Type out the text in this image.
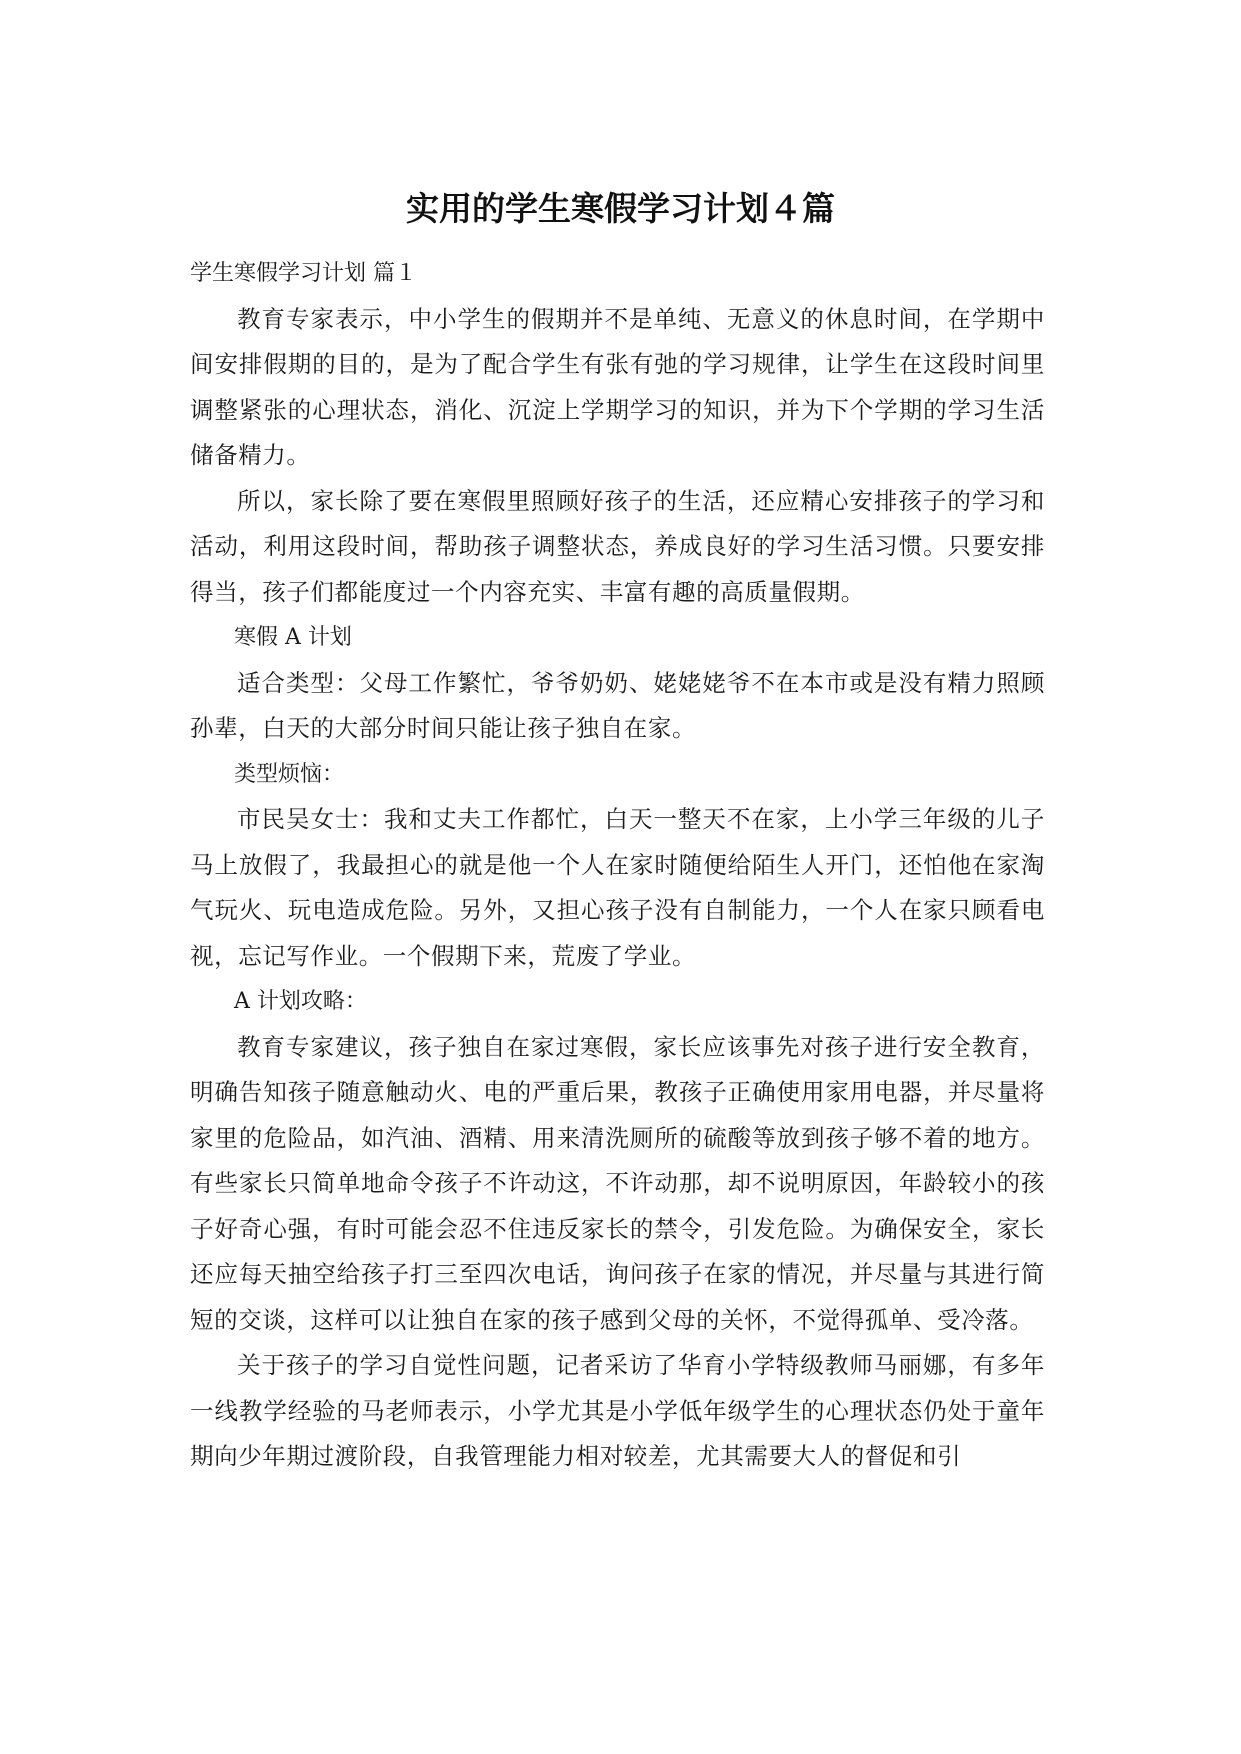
实用的学生寒假学习计划４篇

学生寒假学习计划 篇１

教育专家表示，中小学生的假期并不是单纯、无意义的休息时间，在学期中间安排假期的目的，是为了配合学生有张有弛的学习规律，让学生在这段时间里调整紧张的心理状态，消化、沉淀上学期学习的知识，并为下个学期的学习生活储备精力。

所以，家长除了要在寒假里照顾好孩子的生活，还应精心安排孩子的学习和活动，利用这段时间，帮助孩子调整状态，养成良好的学习生活习惯。只要安排得当，孩子们都能度过一个内容充实、丰富有趣的高质量假期。

寒假 A 计划

适合类型：父母工作繁忙，爷爷奶奶、姥姥姥爷不在本市或是没有精力照顾孙辈，白天的大部分时间只能让孩子独自在家。

类型烦恼：

市民吴女士：我和丈夫工作都忙，白天一整天不在家，上小学三年级的儿子马上放假了，我最担心的就是他一个人在家时随便给陌生人开门，还怕他在家淘气玩火、玩电造成危险。另外，又担心孩子没有自制能力，一个人在家只顾看电视，忘记写作业。一个假期下来，荒废了学业。

A 计划攻略：

教育专家建议，孩子独自在家过寒假，家长应该事先对孩子进行安全教育，明确告知孩子随意触动火、电的严重后果，教孩子正确使用家用电器，并尽量将家里的危险品，如汽油、酒精、用来清洗厕所的硫酸等放到孩子够不着的地方。有些家长只简单地命令孩子不许动这，不许动那，却不说明原因，年龄较小的孩子好奇心强，有时可能会忍不住违反家长的禁令，引发危险。为确保安全，家长还应每天抽空给孩子打三至四次电话，询问孩子在家的情况，并尽量与其进行简短的交谈，这样可以让独自在家的孩子感到父母的关怀，不觉得孤单、受冷落。

关于孩子的学习自觉性问题，记者采访了华育小学特级教师马丽娜，有多年一线教学经验的马老师表示，小学尤其是小学低年级学生的心理状态仍处于童年期向少年期过渡阶段，自我管理能力相对较差，尤其需要大人的督促和引
